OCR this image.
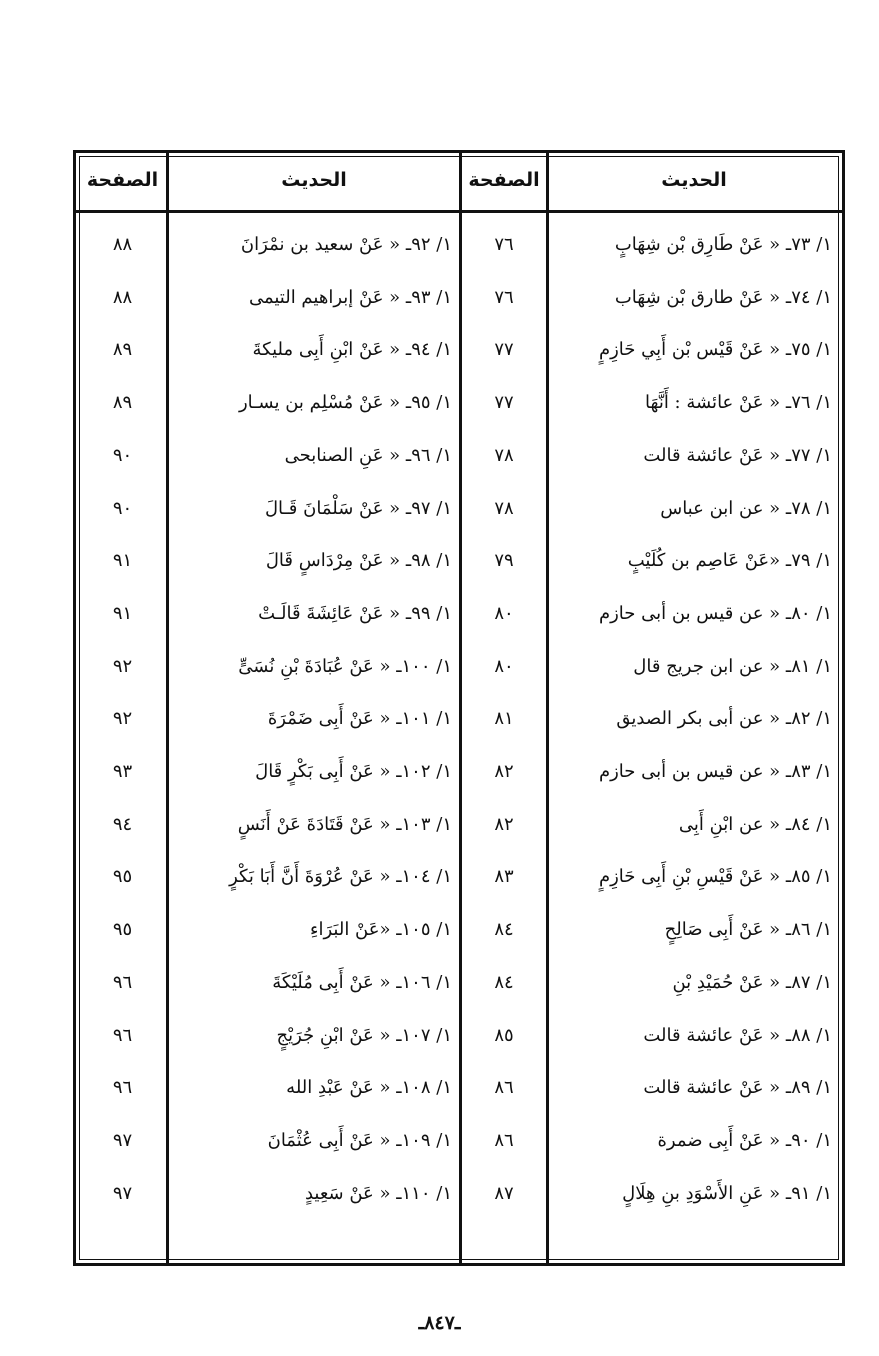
الحديث
الصفحة
الحديث
الصفحة
١/ ٧٣ـ « عَنْ طَارِق بْن شِهَابٍ
٧٦
١/ ٧٤ـ « عَنْ طارق بْن شِهَاب
٧٦
١/ ٧٥ـ « عَنْ قَيْس بْن أَبِي حَازِمٍ
٧٧
١/ ٧٦ـ « عَنْ عائشة : أَنَّهَا
٧٧
١/ ٧٧ـ « عَنْ عائشة قالت
٧٨
١/ ٧٨ـ « عن ابن عباس
٧٨
١/ ٧٩ـ «عَنْ عَاصِم بن كُلَيْبٍ
٧٩
١/ ٨٠ـ « عن قيس بن أبى حازم
٨٠
١/ ٨١ـ « عن ابن جريج قال
٨٠
١/ ٨٢ـ « عن أبى بكر الصديق
٨١
١/ ٨٣ـ « عن قيس بن أبى حازم
٨٢
١/ ٨٤ـ « عن ابْنِ أَبِى
٨٢
١/ ٨٥ـ « عَنْ قَيْسِ بْنِ أَبِى حَازِمٍ
٨٣
١/ ٨٦ـ « عَنْ أَبِى صَالِحٍ
٨٤
١/ ٨٧ـ « عَنْ حُمَيْدِ بْنِ
٨٤
١/ ٨٨ـ « عَنْ عائشة قالت
٨٥
١/ ٨٩ـ « عَنْ عائشة قالت
٨٦
١/ ٩٠ـ « عَنْ أَبِى ضمرة
٨٦
١/ ٩١ـ « عَنِ الأَسْوَدِ بنِ هِلَالٍ
٨٧
١/ ٩٢ـ « عَنْ سعيد بن نمْرَانَ
٨٨
١/ ٩٣ـ « عَنْ إبراهيم التيمى
٨٨
١/ ٩٤ـ « عَنْ ابْنِ أَبِى مليكةَ
٨٩
١/ ٩٥ـ « عَنْ مُسْلِم بن يسـار
٨٩
١/ ٩٦ـ « عَنِ الصنابحى
٩٠
١/ ٩٧ـ « عَنْ سَلْمَانَ قَـالَ
٩٠
١/ ٩٨ـ « عَنْ مِرْدَاسٍ قَالَ
٩١
١/ ٩٩ـ « عَنْ عَائِشَةَ قَالَـتْ
٩١
١/ ١٠٠ـ « عَنْ عُبَادَةَ بْنِ نُسَىٍّ
٩٢
١/ ١٠١ـ « عَنْ أَبِى ضَمْرَةَ
٩٢
١/ ١٠٢ـ « عَنْ أَبِى بَكْرٍ قَالَ
٩٣
١/ ١٠٣ـ « عَنْ قَتَادَةَ عَنْ أَنَسٍ
٩٤
١/ ١٠٤ـ « عَنْ عُرْوَةَ أَنَّ أَبَا بَكْرٍ
٩٥
١/ ١٠٥ـ «عَنْ البَرَاءِ
٩٥
١/ ١٠٦ـ « عَنْ أَبِى مُلَيْكَةَ
٩٦
١/ ١٠٧ـ « عَنْ ابْنِ جُرَيْجٍ
٩٦
١/ ١٠٨ـ « عَنْ عَبْدِ الله
٩٦
١/ ١٠٩ـ « عَنْ أَبِى عُثْمَانَ
٩٧
١/ ١١٠ـ « عَنْ سَعِيدٍ
٩٧
ـ٨٤٧ـ
